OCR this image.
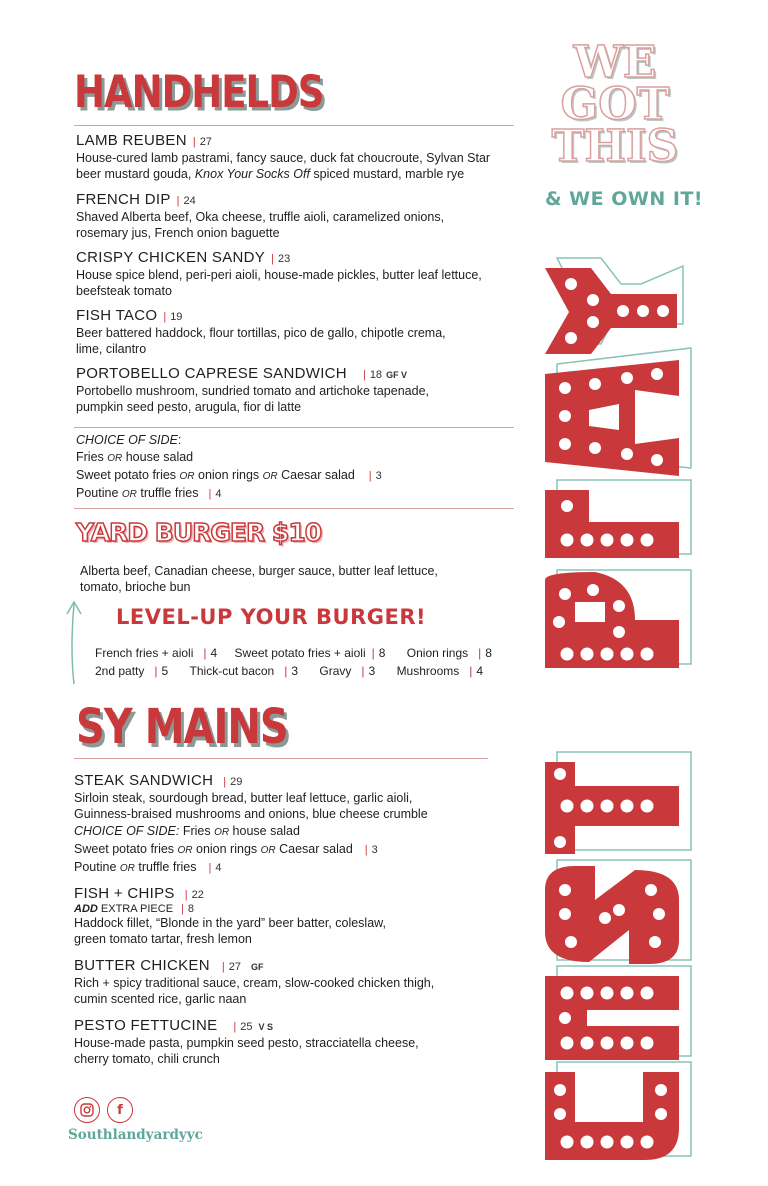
HANDHELDS
LAMB REUBEN | 27
House-cured lamb pastrami, fancy sauce, duck fat choucroute, Sylvan Star
beer mustard gouda, Knox Your Socks Off spiced mustard, marble rye
FRENCH DIP | 24
Shaved Alberta beef, Oka cheese, truffle aioli, caramelized onions,
rosemary jus, French onion baguette
CRISPY CHICKEN SANDY | 23
House spice blend, peri-peri aioli, house-made pickles, butter leaf lettuce,
beefsteak tomato
FISH TACO | 19
Beer battered haddock, flour tortillas, pico de gallo, chipotle crema,
lime, cilantro
PORTOBELLO CAPRESE SANDWICH | 18 GF V
Portobello mushroom, sundried tomato and artichoke tapenade,
pumpkin seed pesto, arugula, fior di latte
CHOICE OF SIDE:
Fries OR house salad
Sweet potato fries OR onion rings OR Caesar salad | 3
Poutine OR truffle fries | 4
YARD BURGER $10
Alberta beef, Canadian cheese, burger sauce, butter leaf lettuce,
tomato, brioche bun
LEVEL-UP YOUR BURGER!
French fries + aioli | 4 Sweet potato fries + aioli | 8 Onion rings | 8
2nd patty | 5 Thick-cut bacon | 3 Gravy | 3 Mushrooms | 4
SY MAINS
STEAK SANDWICH | 29
Sirloin steak, sourdough bread, butter leaf lettuce, garlic aioli,
Guinness-braised mushrooms and onions, blue cheese crumble
CHOICE OF SIDE: Fries OR house salad
Sweet potato fries OR onion rings OR Caesar salad | 3
Poutine OR truffle fries | 4
FISH + CHIPS | 22
ADD EXTRA PIECE | 8
Haddock fillet, “Blonde in the yard” beer batter, coleslaw,
green tomato tartar, fresh lemon
BUTTER CHICKEN | 27 GF
Rich + spicy traditional sauce, cream, slow-cooked chicken thigh,
cumin scented rice, garlic naan
PESTO FETTUCINE | 25 V S
House-made pasta, pumpkin seed pesto, stracciatella cheese,
cherry tomato, chili crunch
f
Southlandyardyyc
WE
GOT
THIS
& WE OWN IT!
